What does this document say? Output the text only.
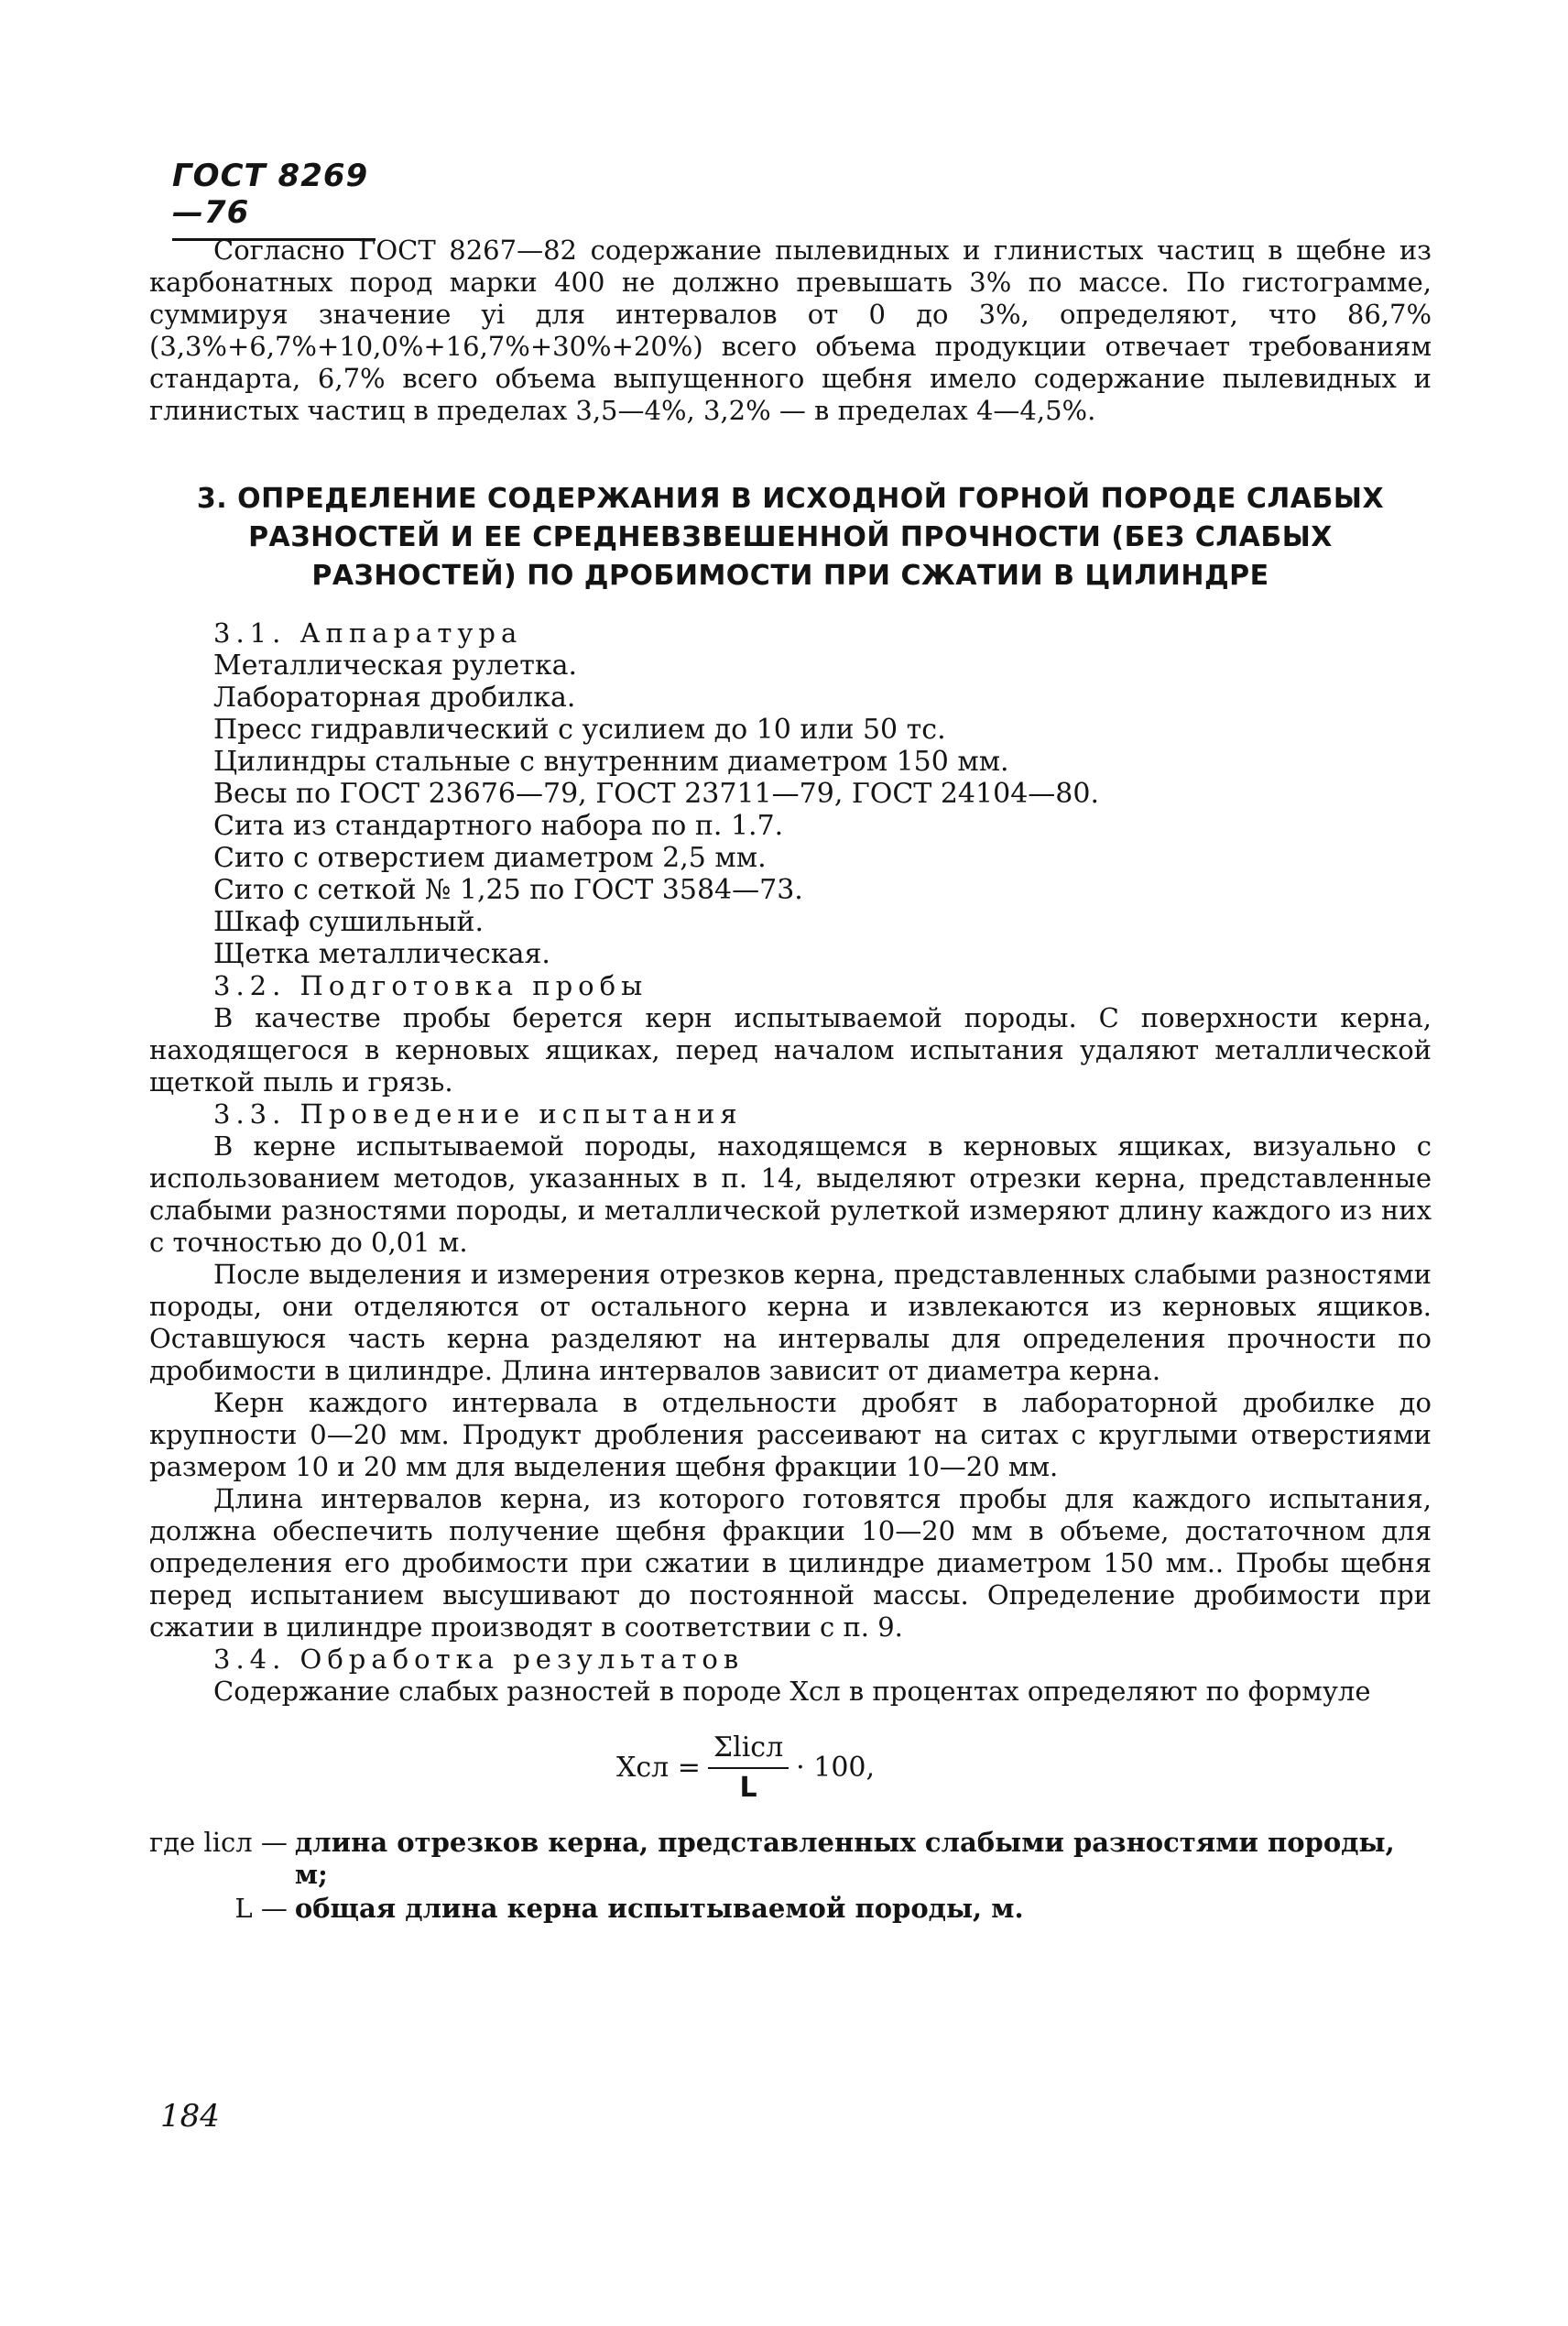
ГОСТ 8269—76

Согласно ГОСТ 8267—82 содержание пылевидных и глинистых частиц в щебне из карбонатных пород марки 400 не должно превышать 3% по массе. По гистограмме, суммируя значение yi для интервалов от 0 до 3%, определяют, что 86,7% (3,3%+6,7%+10,0%+16,7%+30%+20%) всего объема продукции отвечает требованиям стандарта, 6,7% всего объема выпущенного щебня имело содержание пылевидных и глинистых частиц в пределах 3,5—4%, 3,2% — в пределах 4—4,5%.

3. ОПРЕДЕЛЕНИЕ СОДЕРЖАНИЯ В ИСХОДНОЙ ГОРНОЙ ПОРОДЕ СЛАБЫХ РАЗНОСТЕЙ И ЕЕ СРЕДНЕВЗВЕШЕННОЙ ПРОЧНОСТИ (БЕЗ СЛАБЫХ РАЗНОСТЕЙ) ПО ДРОБИМОСТИ ПРИ СЖАТИИ В ЦИЛИНДРЕ
3.1. Аппаратура
Металлическая рулетка.
Лабораторная дробилка.
Пресс гидравлический с усилием до 10 или 50 тс.
Цилиндры стальные с внутренним диаметром 150 мм.
Весы по ГОСТ 23676—79, ГОСТ 23711—79, ГОСТ 24104—80.
Сита из стандартного набора по п. 1.7.
Сито с отверстием диаметром 2,5 мм.
Сито с сеткой № 1,25 по ГОСТ 3584—73.
Шкаф сушильный.
Щетка металлическая.
3.2. Подготовка пробы

В качестве пробы берется керн испытываемой породы. С поверхности керна, находящегося в керновых ящиках, перед началом испытания удаляют металлической щеткой пыль и грязь.

3.3. Проведение испытания

В керне испытываемой породы, находящемся в керновых ящиках, визуально с использованием методов, указанных в п. 14, выделяют отрезки керна, представленные слабыми разностями породы, и металлической рулеткой измеряют длину каждого из них с точностью до 0,01 м.

После выделения и измерения отрезков керна, представленных слабыми разностями породы, они отделяются от остального керна и извлекаются из керновых ящиков. Оставшуюся часть керна разделяют на интервалы для определения прочности по дробимости в цилиндре. Длина интервалов зависит от диаметра керна.

Керн каждого интервала в отдельности дробят в лабораторной дробилке до крупности 0—20 мм. Продукт дробления рассеивают на ситах с круглыми отверстиями размером 10 и 20 мм для выделения щебня фракции 10—20 мм.

Длина интервалов керна, из которого готовятся пробы для каждого испытания, должна обеспечить получение щебня фракции 10—20 мм в объеме, достаточном для определения его дробимости при сжатии в цилиндре диаметром 150 мм.. Пробы щебня перед испытанием высушивают до постоянной массы. Определение дробимости при сжатии в цилиндре производят в соответствии с п. 9.

3.4. Обработка результатов

Содержание слабых разностей в породе Xсл в процентах определяют по формуле

Xсл = $\frac{\text{Σlicл}}{L} \cdot 100$,
где licл — длина отрезков керна, представленных слабыми разностями породы, м;
L — общая длина керна испытываемой породы, м.
184
